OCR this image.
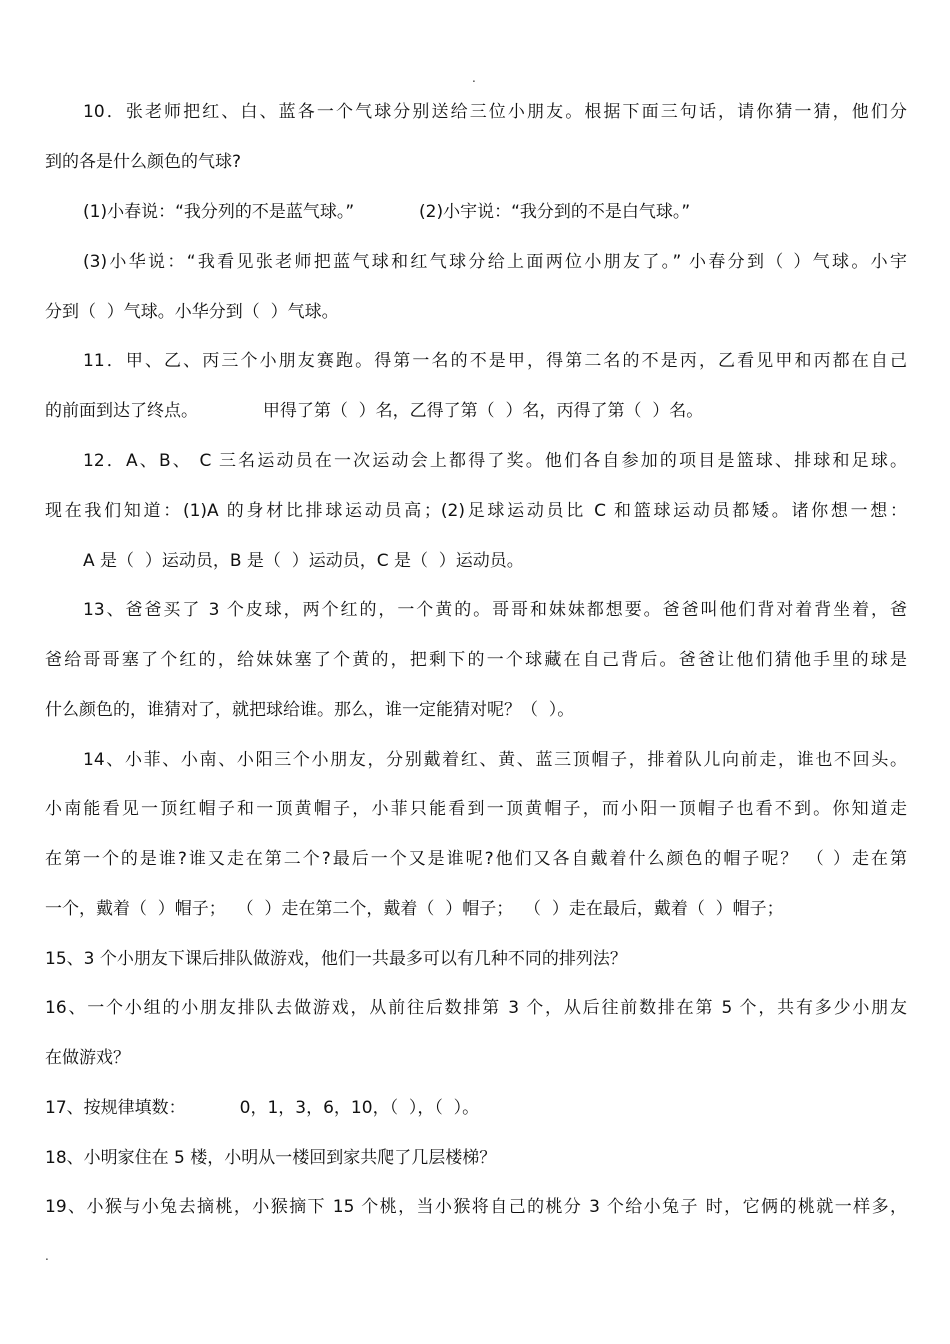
.
10．张老师把红、白、蓝各一个气球分别送给三位小朋友。根据下面三句话，请你猜一猜，他们分
到的各是什么颜色的气球?
(1)小春说：“我分列的不是蓝气球。”            (2)小宇说：“我分到的不是白气球。”
(3)小华说：“我看见张老师把蓝气球和红气球分给上面两位小朋友了。” 小春分到（ ）气球。小宇
分到（  ）气球。小华分到（  ）气球。
11．甲、乙、丙三个小朋友赛跑。得第一名的不是甲，得第二名的不是丙，乙看见甲和丙都在自己
的前面到达了终点。            甲得了第（  ）名，乙得了第（  ）名，丙得了第（  ）名。
12．A、B、 C 三名运动员在一次运动会上都得了奖。他们各自参加的项目是篮球、排球和足球。
现在我们知道：(1)A 的身材比排球运动员高；(2)足球运动员比 C 和篮球运动员都矮。诸你想一想：
A 是（  ）运动员，B 是（  ）运动员，C 是（  ）运动员。
13、爸爸买了 3 个皮球，两个红的，一个黄的。哥哥和妹妹都想要。爸爸叫他们背对着背坐着，爸
爸给哥哥塞了个红的，给妹妹塞了个黄的，把剩下的一个球藏在自己背后。爸爸让他们猜他手里的球是
什么颜色的，谁猜对了，就把球给谁。那么，谁一定能猜对呢？（  ）。
14、小菲、小南、小阳三个小朋友，分别戴着红、黄、蓝三顶帽子，排着队儿向前走，谁也不回头。
小南能看见一顶红帽子和一顶黄帽子，小菲只能看到一顶黄帽子，而小阳一顶帽子也看不到。你知道走
在第一个的是谁?谁又走在第二个?最后一个又是谁呢?他们又各自戴着什么颜色的帽子呢？ （ ）走在第
一个，戴着（  ）帽子；  （  ）走在第二个，戴着（  ）帽子；  （  ）走在最后，戴着（  ）帽子；
15、3 个小朋友下课后排队做游戏，他们一共最多可以有几种不同的排列法？
16、一个小组的小朋友排队去做游戏，从前往后数排第 3 个，从后往前数排在第 5 个，共有多少小朋友
在做游戏？
17、按规律填数：          0，1，3，6，10，（  ），（  ）。
18、小明家住在 5 楼，小明从一楼回到家共爬了几层楼梯？
19、小猴与小兔去摘桃，小猴摘下 15 个桃，当小猴将自己的桃分 3 个给小兔子 时，它俩的桃就一样多，
.
